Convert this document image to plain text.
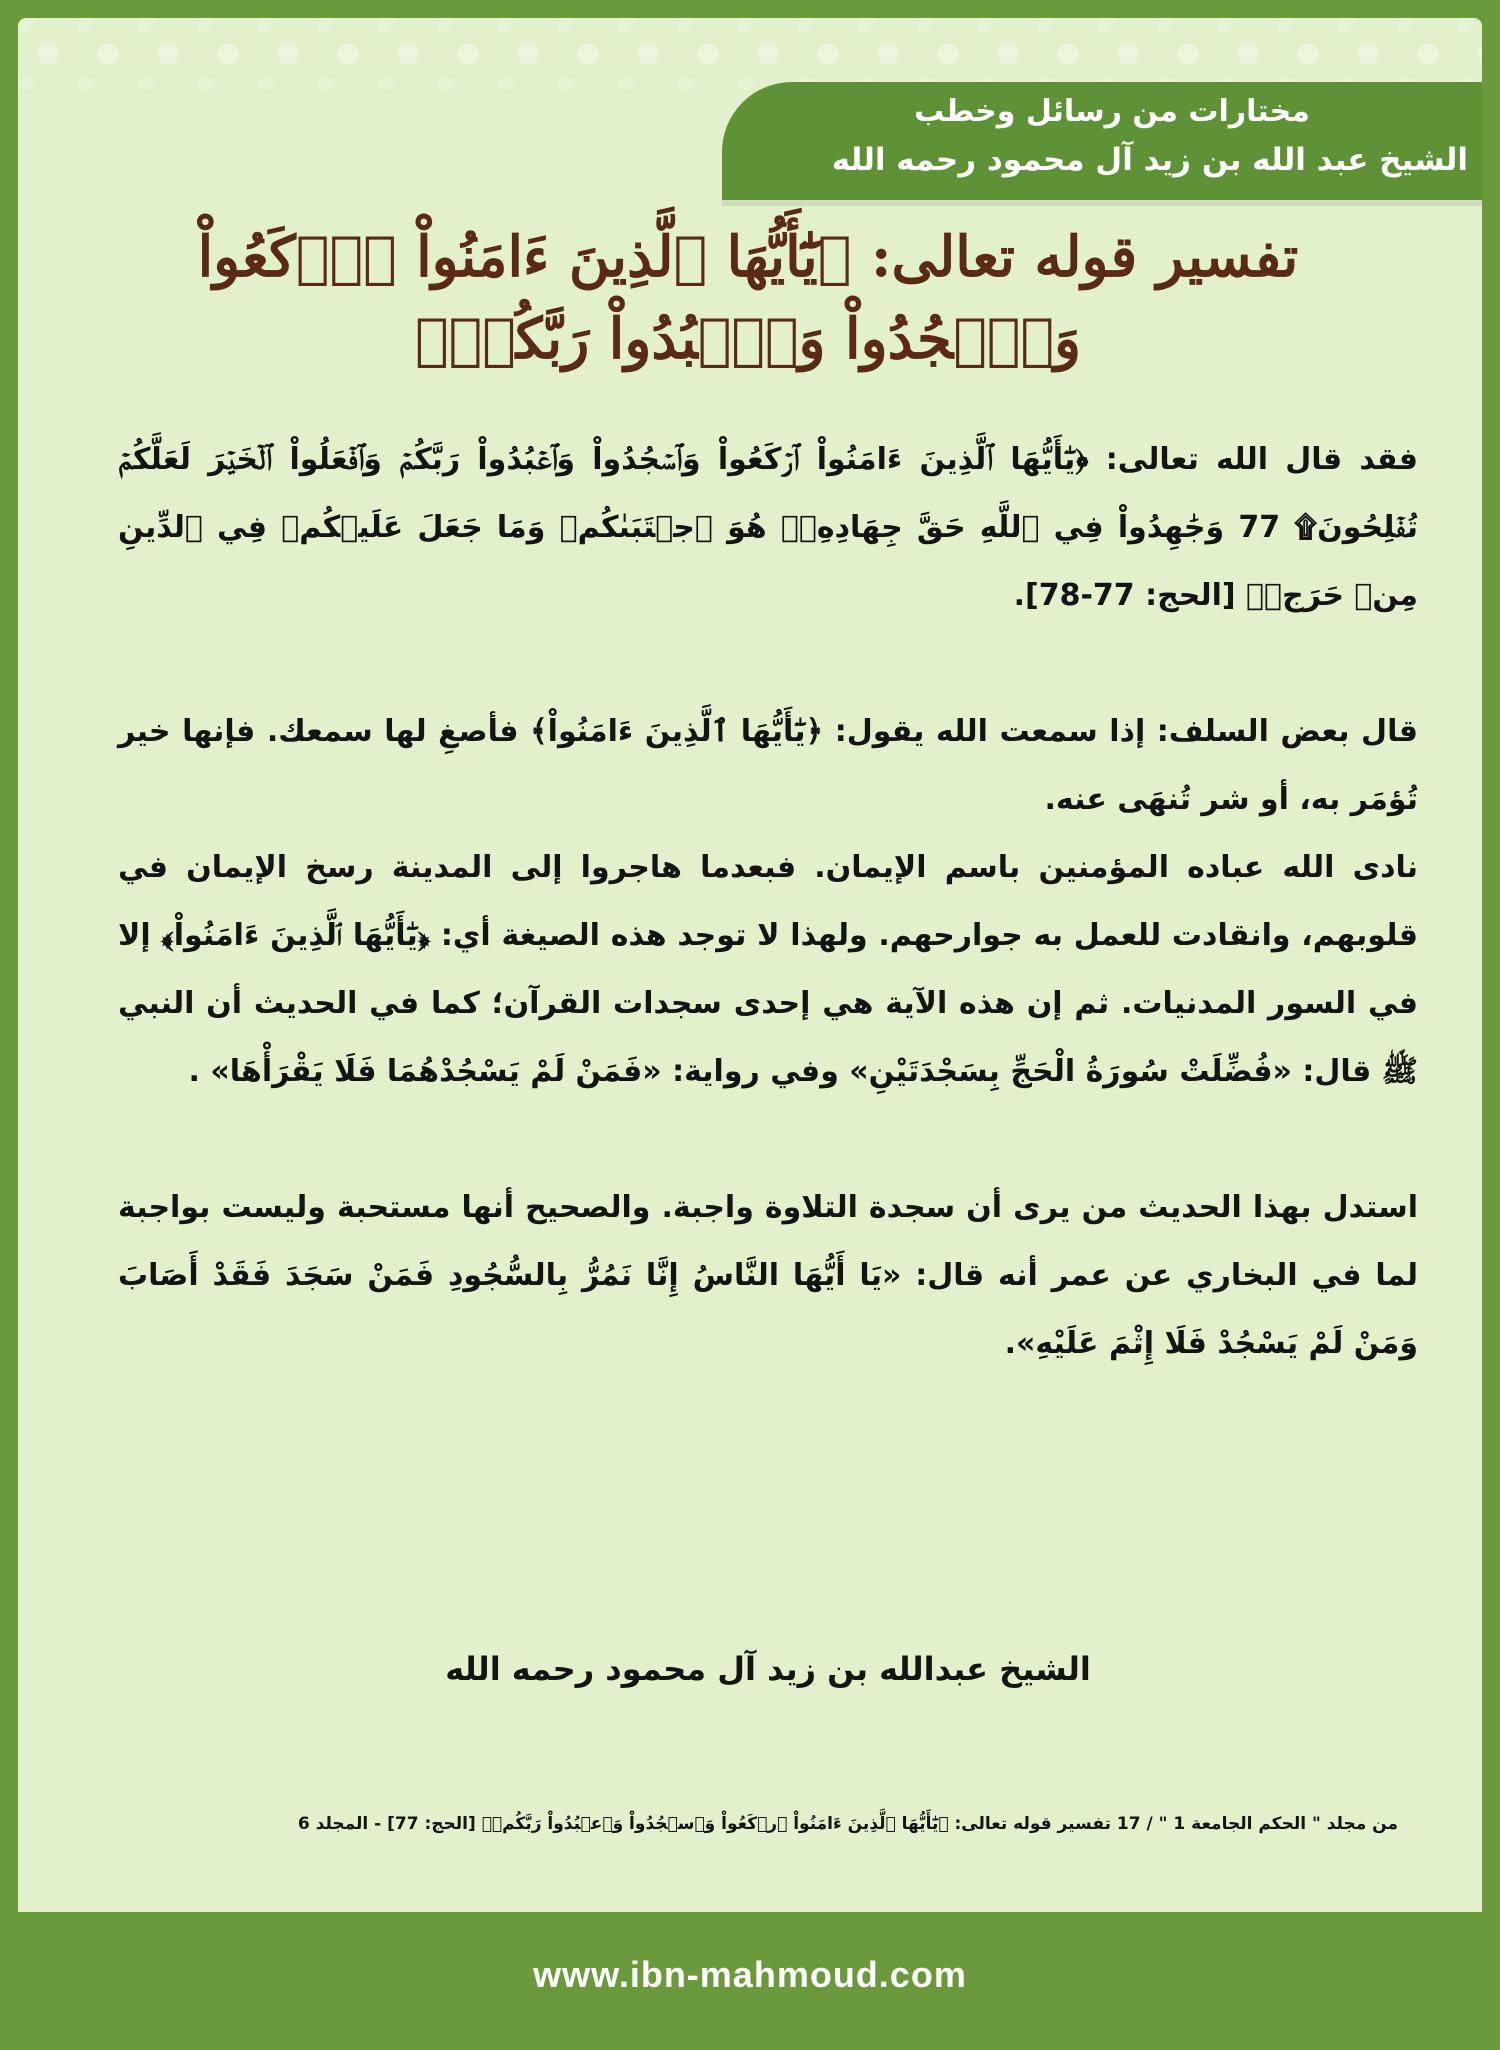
مختارات من رسائل وخطب
الشيخ عبد الله بن زيد آل محمود رحمه الله
تفسير قوله تعالى: ﴿يَٰٓأَيُّهَا ٱلَّذِينَ ءَامَنُواْ ٱرۡكَعُواْ وَٱسۡجُدُواْ وَٱعۡبُدُواْ رَبَّكُمۡ﴾

فقد قال الله تعالى: ﴿يَٰٓأَيُّهَا ٱلَّذِينَ ءَامَنُواْ ٱرۡكَعُواْ وَٱسۡجُدُواْ وَٱعۡبُدُواْ رَبَّكُمۡ وَٱفۡعَلُواْ ٱلۡخَيۡرَ لَعَلَّكُمۡ تُفۡلِحُونَ۩ 77 وَجَٰهِدُواْ فِي ٱللَّهِ حَقَّ جِهَادِهِۦۚ هُوَ ٱجۡتَبَىٰكُمۡ وَمَا جَعَلَ عَلَيۡكُمۡ فِي ٱلدِّينِ مِنۡ حَرَجٖ﴾ [الحج: 77-78].

قال بعض السلف: إذا سمعت الله يقول: ﴿يَٰٓأَيُّهَا ٱلَّذِينَ ءَامَنُواْ﴾ فأصغِ لها سمعك. فإنها خير تُؤمَر به، أو شر تُنهَى عنه.

نادى الله عباده المؤمنين باسم الإيمان. فبعدما هاجروا إلى المدينة رسخ الإيمان في قلوبهم، وانقادت للعمل به جوارحهم. ولهذا لا توجد هذه الصيغة أي: ﴿يَٰٓأَيُّهَا ٱلَّذِينَ ءَامَنُواْ﴾ إلا في السور المدنيات. ثم إن هذه الآية هي إحدى سجدات القرآن؛ كما في الحديث أن النبي ﷺ قال: «فُضِّلَتْ سُورَةُ الْحَجِّ بِسَجْدَتَيْنِ» وفي رواية: «فَمَنْ لَمْ يَسْجُدْهُمَا فَلَا يَقْرَأْهَا» .

استدل بهذا الحديث من يرى أن سجدة التلاوة واجبة. والصحيح أنها مستحبة وليست بواجبة لما في البخاري عن عمر أنه قال: «يَا أَيُّهَا النَّاسُ إِنَّا نَمُرُّ بِالسُّجُودِ فَمَنْ سَجَدَ فَقَدْ أَصَابَ وَمَنْ لَمْ يَسْجُدْ فَلَا إِثْمَ عَلَيْهِ».

الشيخ عبدالله بن زيد آل محمود رحمه الله
من مجلد " الحكم الجامعة 1 " / 17 تفسير قوله تعالى: ﴿يَٰٓأَيُّهَا ٱلَّذِينَ ءَامَنُواْ ٱرۡكَعُواْ وَٱسۡجُدُواْ وَٱعۡبُدُواْ رَبَّكُمۡ﴾ [الحج: 77] - المجلد 6
www.ibn-mahmoud.com
